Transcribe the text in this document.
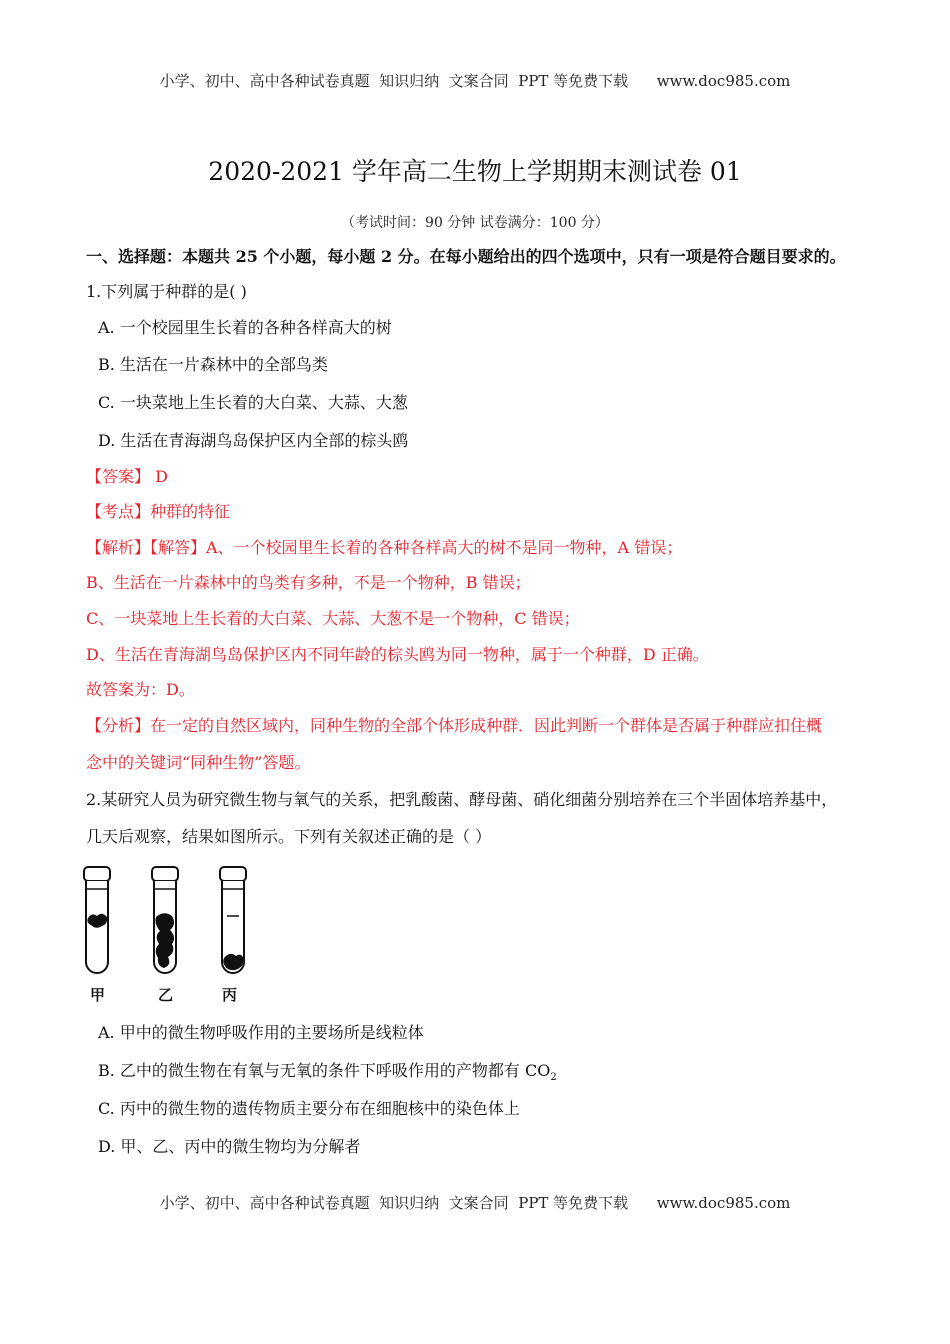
小学、初中、高中各种试卷真题  知识归纳  文案合同  PPT 等免费下载      www.doc985.com
2020-2021 学年高二生物上学期期末测试卷 01
（考试时间：90 分钟 试卷满分：100 分）
一、选择题：本题共 25 个小题，每小题 2 分。在每小题给出的四个选项中，只有一项是符合题目要求的。
1.下列属于种群的是( )
A. 一个校园里生长着的各种各样高大的树
B. 生活在一片森林中的全部鸟类
C. 一块菜地上生长着的大白菜、大蒜、大葱
D. 生活在青海湖鸟岛保护区内全部的棕头鸥
【答案】 D
【考点】种群的特征
【解析】【解答】A、一个校园里生长着的各种各样高大的树不是同一物种，A 错误；
B、生活在一片森林中的鸟类有多种，不是一个物种，B 错误；
C、一块菜地上生长着的大白菜、大蒜、大葱不是一个物种，C 错误；
D、生活在青海湖鸟岛保护区内不同年龄的棕头鸥为同一物种，属于一个种群，D 正确。
故答案为：D。
【分析】在一定的自然区域内，同种生物的全部个体形成种群．因此判断一个群体是否属于种群应扣住概
念中的关键词“同种生物”答题。
2.某研究人员为研究微生物与氧气的关系，把乳酸菌、酵母菌、硝化细菌分别培养在三个半固体培养基中，
几天后观察，结果如图所示。下列有关叙述正确的是（ ）
甲	乙	丙
A. 甲中的微生物呼吸作用的主要场所是线粒体
B. 乙中的微生物在有氧与无氧的条件下呼吸作用的产物都有 $CO_2$
C. 丙中的微生物的遗传物质主要分布在细胞核中的染色体上
D. 甲、乙、丙中的微生物均为分解者
小学、初中、高中各种试卷真题  知识归纳  文案合同  PPT 等免费下载      www.doc985.com
